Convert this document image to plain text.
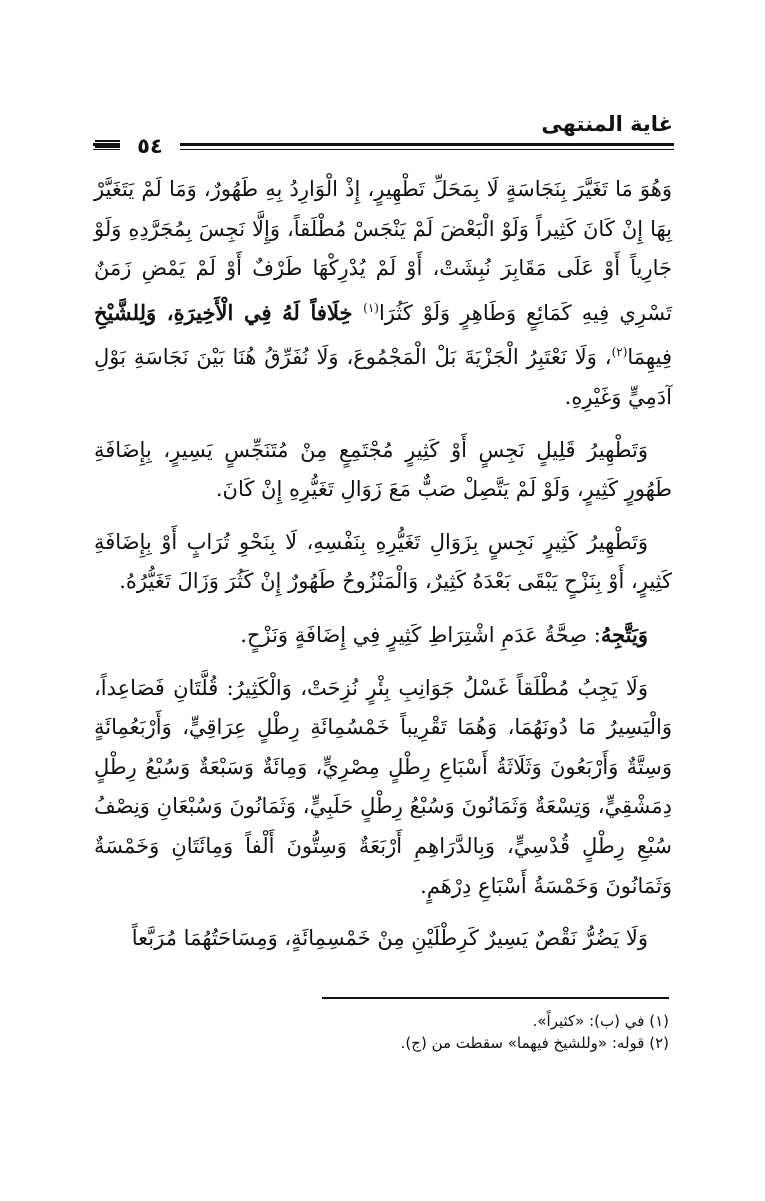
غاية المنتهى
٥٤

وَهُوَ مَا تَغَيَّرَ بِنَجَاسَةٍ لَا بِمَحَلِّ تَطْهِيرٍ، إِذْ الْوَارِدُ بِهِ طَهُورٌ، وَمَا لَمْ يَتَغَيَّرْ بِهَا إِنْ كَانَ كَثِيراً وَلَوْ الْبَعْضَ لَمْ يَنْجَسْ مُطْلَقاً، وَإِلَّا نَجِسَ بِمُجَرَّدِهِ وَلَوْ جَارِياً أَوْ عَلَى مَقَابِرَ نُبِشَتْ، أَوْ لَمْ يُدْرِكْهَا طَرْفٌ أَوْ لَمْ يَمْضِ زَمَنٌ تَسْرِي فِيهِ كَمَائِعٍ وَطَاهِرٍ وَلَوْ كَثُرَا$^{(١)}$ خِلَافاً لَهُ فِي الْأَخِيرَةِ، وَلِلشَّيْخِ فِيهِمَا$^{(٢)}$، وَلَا نَعْتَبِرُ الْجَزْيَةَ بَلْ الْمَجْمُوعَ، وَلَا نُفَرِّقُ هُنَا بَيْنَ نَجَاسَةِ بَوْلِ آدَمِيٍّ وَغَيْرِهِ.

وَتَطْهِيرُ قَلِيلٍ نَجِسٍ أَوْ كَثِيرٍ مُجْتَمِعٍ مِنْ مُتَنَجِّسٍ يَسِيرٍ، بِإِضَافَةِ طَهُورٍ كَثِيرٍ، وَلَوْ لَمْ يَتَّصِلْ صَبٌّ مَعَ زَوَالِ تَغَيُّرِهِ إِنْ كَانَ.

وَتَطْهِيرُ كَثِيرٍ نَجِسٍ بِزَوَالِ تَغَيُّرِهِ بِنَفْسِهِ، لَا بِنَحْوِ تُرَابٍ أَوْ بِإِضَافَةِ كَثِيرٍ، أَوْ بِنَزْحٍ يَبْقَى بَعْدَهُ كَثِيرٌ، وَالْمَنْزُوحُ طَهُورٌ إِنْ كَثُرَ وَزَالَ تَغَيُّرُهُ.

وَيَتَّجِهُ: صِحَّةُ عَدَمِ اشْتِرَاطِ كَثِيرٍ فِي إِضَافَةٍ وَنَزْحٍ.

وَلَا يَجِبُ مُطْلَقاً غَسْلُ جَوَانِبِ بِئْرٍ نُزِحَتْ، وَالْكَثِيرُ: قُلَّتَانِ فَصَاعِداً، وَالْيَسِيرُ مَا دُونَهُمَا، وَهُمَا تَقْرِيباً خَمْسُمِائَةِ رِطْلٍ عِرَاقِيٍّ، وَأَرْبَعُمِائَةٍ وَسِتَّةٌ وَأَرْبَعُونَ وَثَلَاثَةُ أَسْبَاعِ رِطْلٍ مِصْرِيٍّ، وَمِائَةٌ وَسَبْعَةٌ وَسُبْعُ رِطْلٍ دِمَشْقِيٍّ، وَتِسْعَةٌ وَثَمَانُونَ وَسُبْعُ رِطْلٍ حَلَبِيٍّ، وَثَمَانُونَ وَسُبْعَانِ وَنِصْفُ سُبْعِ رِطْلٍ قُدْسِيٍّ، وَبِالدَّرَاهِمِ أَرْبَعَةٌ وَسِتُّونَ أَلْفاً وَمِائَتَانِ وَخَمْسَةٌ وَثَمَانُونَ وَخَمْسَةُ أَسْبَاعِ دِرْهَمٍ.

وَلَا يَضُرُّ نَقْصٌ يَسِيرٌ كَرِطْلَيْنِ مِنْ خَمْسِمِائَةٍ، وَمِسَاحَتُهُمَا مُرَبَّعاً

(١) في (ب): «كثيراً».

(٢) قوله: «وللشيخ فيهما» سقطت من (ج).
